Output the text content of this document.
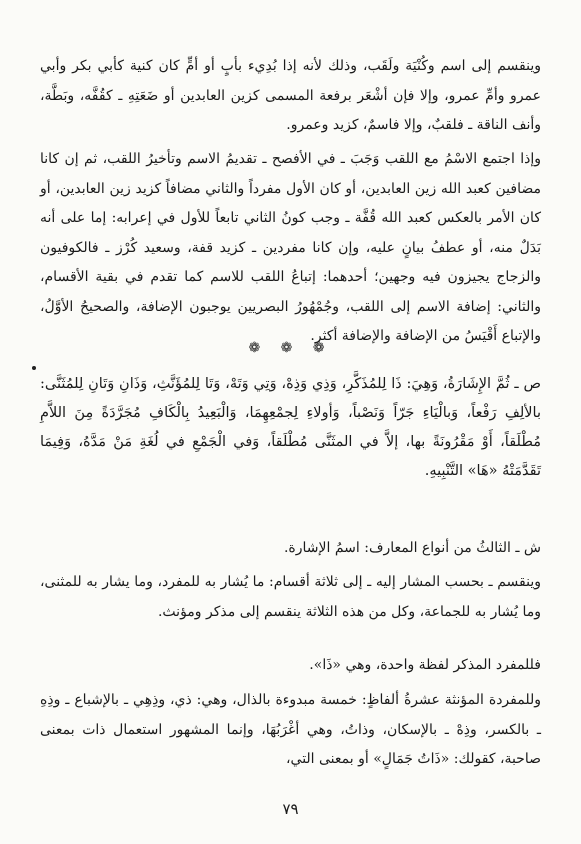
وينقسم إلى اسم وكُنْيَة ولَقَب، وذلك لأنه إذا بُدِيء بأبٍ أو أمٍّ كان كنية كأبي بكر وأبي عمرو وأمِّ عمرو، وإلا فإن أشْعَر برفعة المسمى كزين العابدين أو ضَعَتِهِ ـ كقُفَّه، وبَطَّة، وأنف الناقة ـ فلقبٌ، وإلا فاسمٌ، كزيد وعمرو.

وإذا اجتمع الاسْمُ مع اللقب وَجَبَ ـ في الأفصح ـ تقديمُ الاسم وتأخيرُ اللقب، ثم إن كانا مضافين كعبد الله زين العابدين، أو كان الأول مفرداً والثاني مضافاً كزيد زين العابدين، أو كان الأمر بالعكس كعبد الله قُفَّة ـ وجب كونُ الثاني تابعاً للأول في إعرابه: إما على أنه بَدَلٌ منه، أو عطفُ بيانٍ عليه، وإن كانا مفردين ـ كزيد قفة، وسعيد كُرْز ـ فالكوفيون والزجاج يجيزون فيه وجهين؛ أحدهما: إتباعُ اللقب للاسم كما تقدم في بقية الأقسام، والثاني: إضافة الاسم إلى اللقب، وجُمْهُورُ البصريين يوجبون الإضافة، والصحيحُ الأوَّلُ، والإتباع أَقْيَسُ من الإضافة والإضافة أكثر.

❁ ❁ ❁

ص ـ ثُمَّ الإِشَارَةُ، وَهِيَ: ذَا لِلمُذَكَّرِ، وَذِي وَذِهْ، وَتِي وَتَهْ، وَتَا لِلمُؤَنَّثِ، وَذَانِ وَتَانِ لِلمُثَنَّى: بالألِفِ رَفْعاً، وَبالْيَاءِ جَرّاً وَنَصْباً، وَأولاءِ لِجمْعِهِمَا، وَالْبَعِيدُ بِالْكَافِ مُجَرَّدَةً مِنَ اللاَّمِ مُطْلَقاً، أَوْ مَقْرُونَةً بها، إلاَّ في المثَنَّى مُطْلَقاً، وَفي الْجَمْعِ في لُغَةِ مَنْ مَدَّهُ، وَفِيمَا تَقَدَّمَتْهُ «هَا» التَّنْبِيهِ.

ش ـ الثالثُ من أنواع المعارف: اسمُ الإشارة.

وينقسم ـ بحسب المشار إليه ـ إلى ثلاثة أقسام: ما يُشار به للمفرد، وما يشار به للمثنى، وما يُشار به للجماعة، وكل من هذه الثلاثة ينقسم إلى مذكر ومؤنث.

فللمفرد المذكر لفظة واحدة، وهي «ذَا».

وللمفردة المؤنثة عشرةُ ألفاظٍ: خمسة مبدوءة بالذال، وهي: ذي، وذِهِي ـ بالإشباع ـ وذِهِ ـ بالكسر، وذِهْ ـ بالإسكان، وذاتُ، وهي أغْرَبُهَا، وإنما المشهور استعمال ذات بمعنى صاحبة، كقولك: «ذَاتُ جَمَالٍ» أو بمعنى التي،

٧٩
